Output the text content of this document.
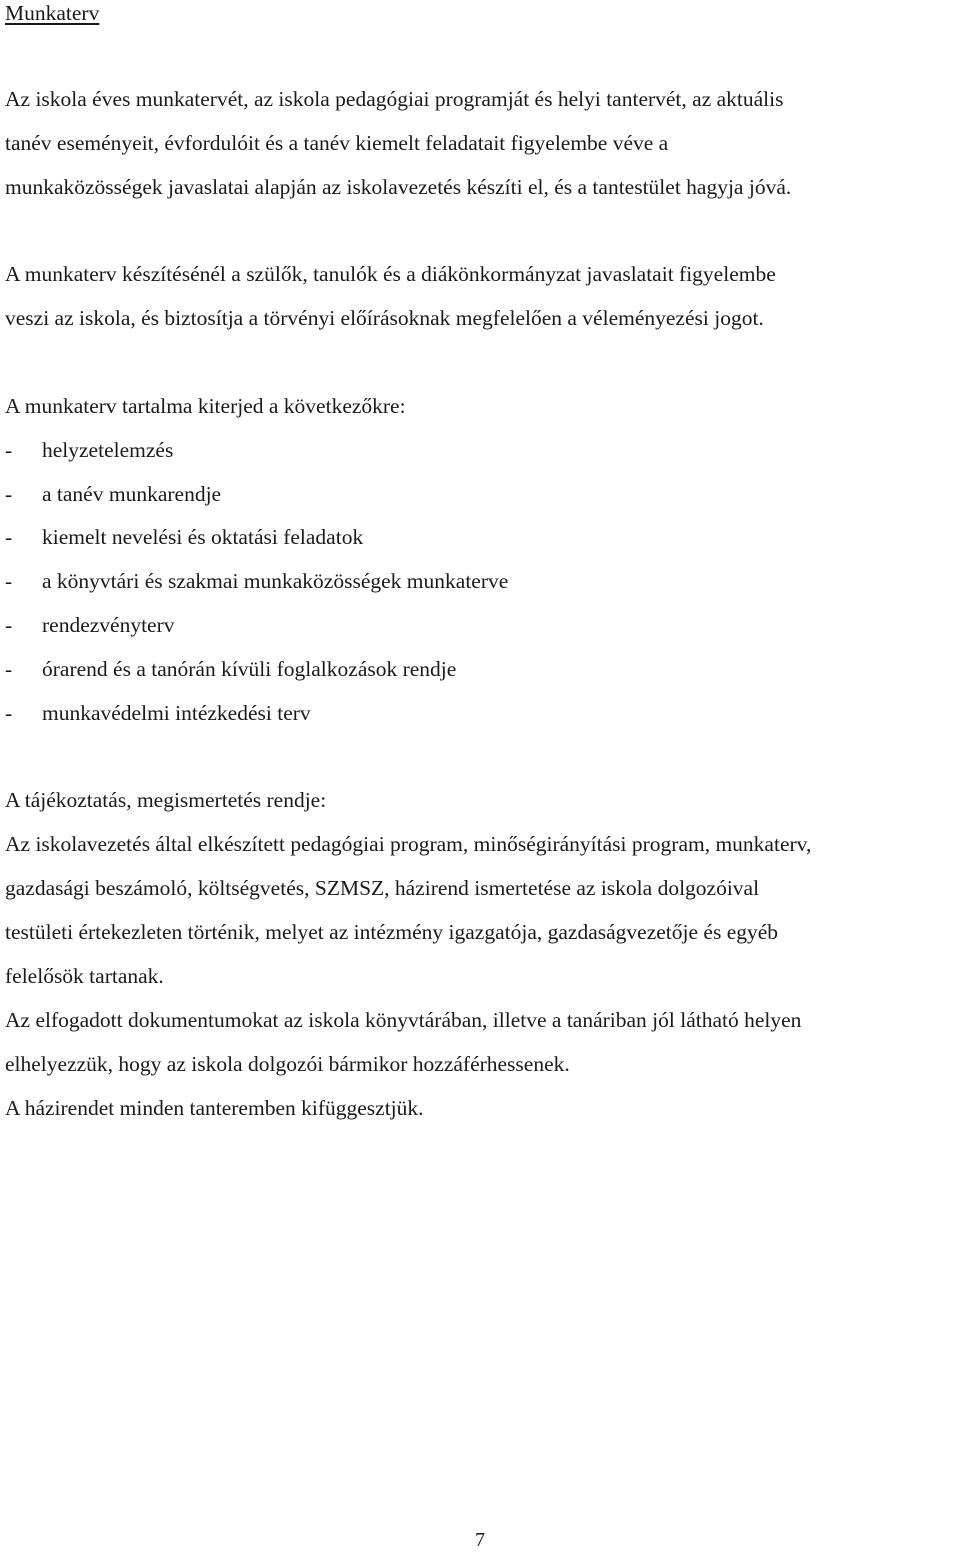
Munkaterv
Az iskola éves munkatervét, az iskola pedagógiai programját és helyi tantervét, az aktuális
tanév eseményeit, évfordulóit és a tanév kiemelt feladatait figyelembe véve a
munkaközösségek javaslatai alapján az iskolavezetés készíti el, és a tantestület hagyja jóvá.
A munkaterv készítésénél a szülők, tanulók és a diákönkormányzat javaslatait figyelembe
veszi az iskola, és biztosítja a törvényi előírásoknak megfelelően a véleményezési jogot.
A munkaterv tartalma kiterjed a következőkre:
- helyzetelemzés
- a tanév munkarendje
- kiemelt nevelési és oktatási feladatok
- a könyvtári és szakmai munkaközösségek munkaterve
- rendezvényterv
- órarend és a tanórán kívüli foglalkozások rendje
- munkavédelmi intézkedési terv
A tájékoztatás, megismertetés rendje:
Az iskolavezetés által elkészített pedagógiai program, minőségirányítási program, munkaterv,
gazdasági beszámoló, költségvetés, SZMSZ, házirend ismertetése az iskola dolgozóival
testületi értekezleten történik, melyet az intézmény igazgatója, gazdaságvezetője és egyéb
felelősök tartanak.
Az elfogadott dokumentumokat az iskola könyvtárában, illetve a tanáriban jól látható helyen
elhelyezzük, hogy az iskola dolgozói bármikor hozzáférhessenek.
A házirendet minden tanteremben kifüggesztjük.
7
